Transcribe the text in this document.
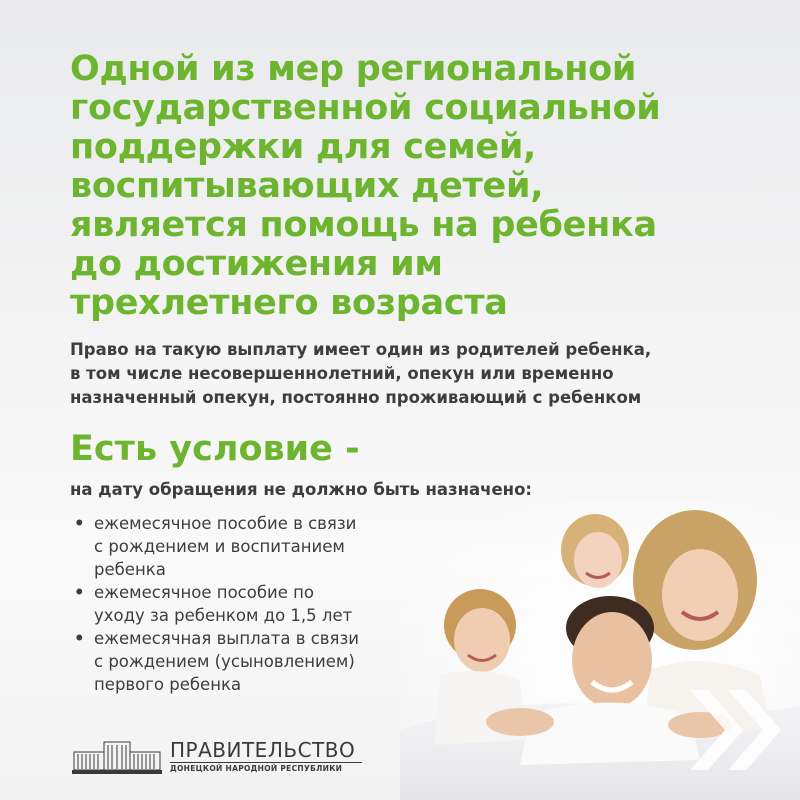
Одной из мер региональной
государственной социальной
поддержки для семей,
воспитывающих детей,
является помощь на ребенка
до достижения им
трехлетнего возраста

Право на такую выплату имеет один из родителей ребенка,
в том числе несовершеннолетний, опекун или временно
назначенный опекун, постоянно проживающий с ребенком

Есть условие -
на дату обращения не должно быть назначено:
• ежемесячное пособие в связи
с рождением и воспитанием
ребенка
• ежемесячное пособие по
уходу за ребенком до 1,5 лет
• ежемесячная выплата в связи
с рождением (усыновлением)
первого ребенка
ПРАВИТЕЛЬСТВО
ДОНЕЦКОЙ НАРОДНОЙ РЕСПУБЛИКИ
